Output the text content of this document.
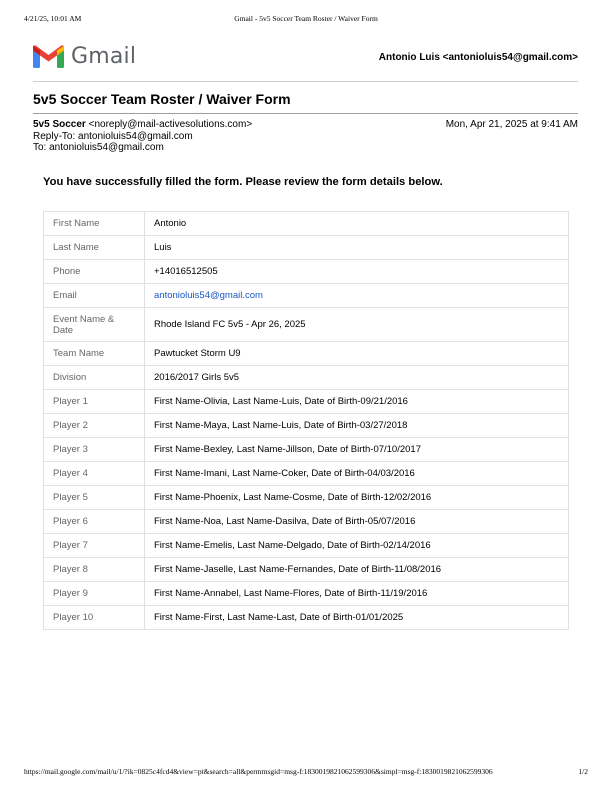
4/21/25, 10:01 AM	Gmail - 5v5 Soccer Team Roster / Waiver Form
Gmail	Antonio Luis <antonioluis54@gmail.com>
5v5 Soccer Team Roster / Waiver Form
5v5 Soccer <noreply@mail-activesolutions.com>
Reply-To: antonioluis54@gmail.com
To: antonioluis54@gmail.com
Mon, Apr 21, 2025 at 9:41 AM
You have successfully filled the form. Please review the form details below.
First Name	Antonio
Last Name	Luis
Phone	+14016512505
Email	antonioluis54@gmail.com
Event Name & Date	Rhode Island FC 5v5 - Apr 26, 2025
Team Name	Pawtucket Storm U9
Division	2016/2017 Girls 5v5
Player 1	First Name-Olivia, Last Name-Luis, Date of Birth-09/21/2016
Player 2	First Name-Maya, Last Name-Luis, Date of Birth-03/27/2018
Player 3	First Name-Bexley, Last Name-Jillson, Date of Birth-07/10/2017
Player 4	First Name-Imani, Last Name-Coker, Date of Birth-04/03/2016
Player 5	First Name-Phoenix, Last Name-Cosme, Date of Birth-12/02/2016
Player 6	First Name-Noa, Last Name-Dasilva, Date of Birth-05/07/2016
Player 7	First Name-Emelis, Last Name-Delgado, Date of Birth-02/14/2016
Player 8	First Name-Jaselle, Last Name-Fernandes, Date of Birth-11/08/2016
Player 9	First Name-Annabel, Last Name-Flores, Date of Birth-11/19/2016
Player 10	First Name-First, Last Name-Last, Date of Birth-01/01/2025
https://mail.google.com/mail/u/1/?ik=0825c4fcd4&view=pt&search=all&permmsgid=msg-f:1830019821062599306&simpl=msg-f:1830019821062599306	1/2
